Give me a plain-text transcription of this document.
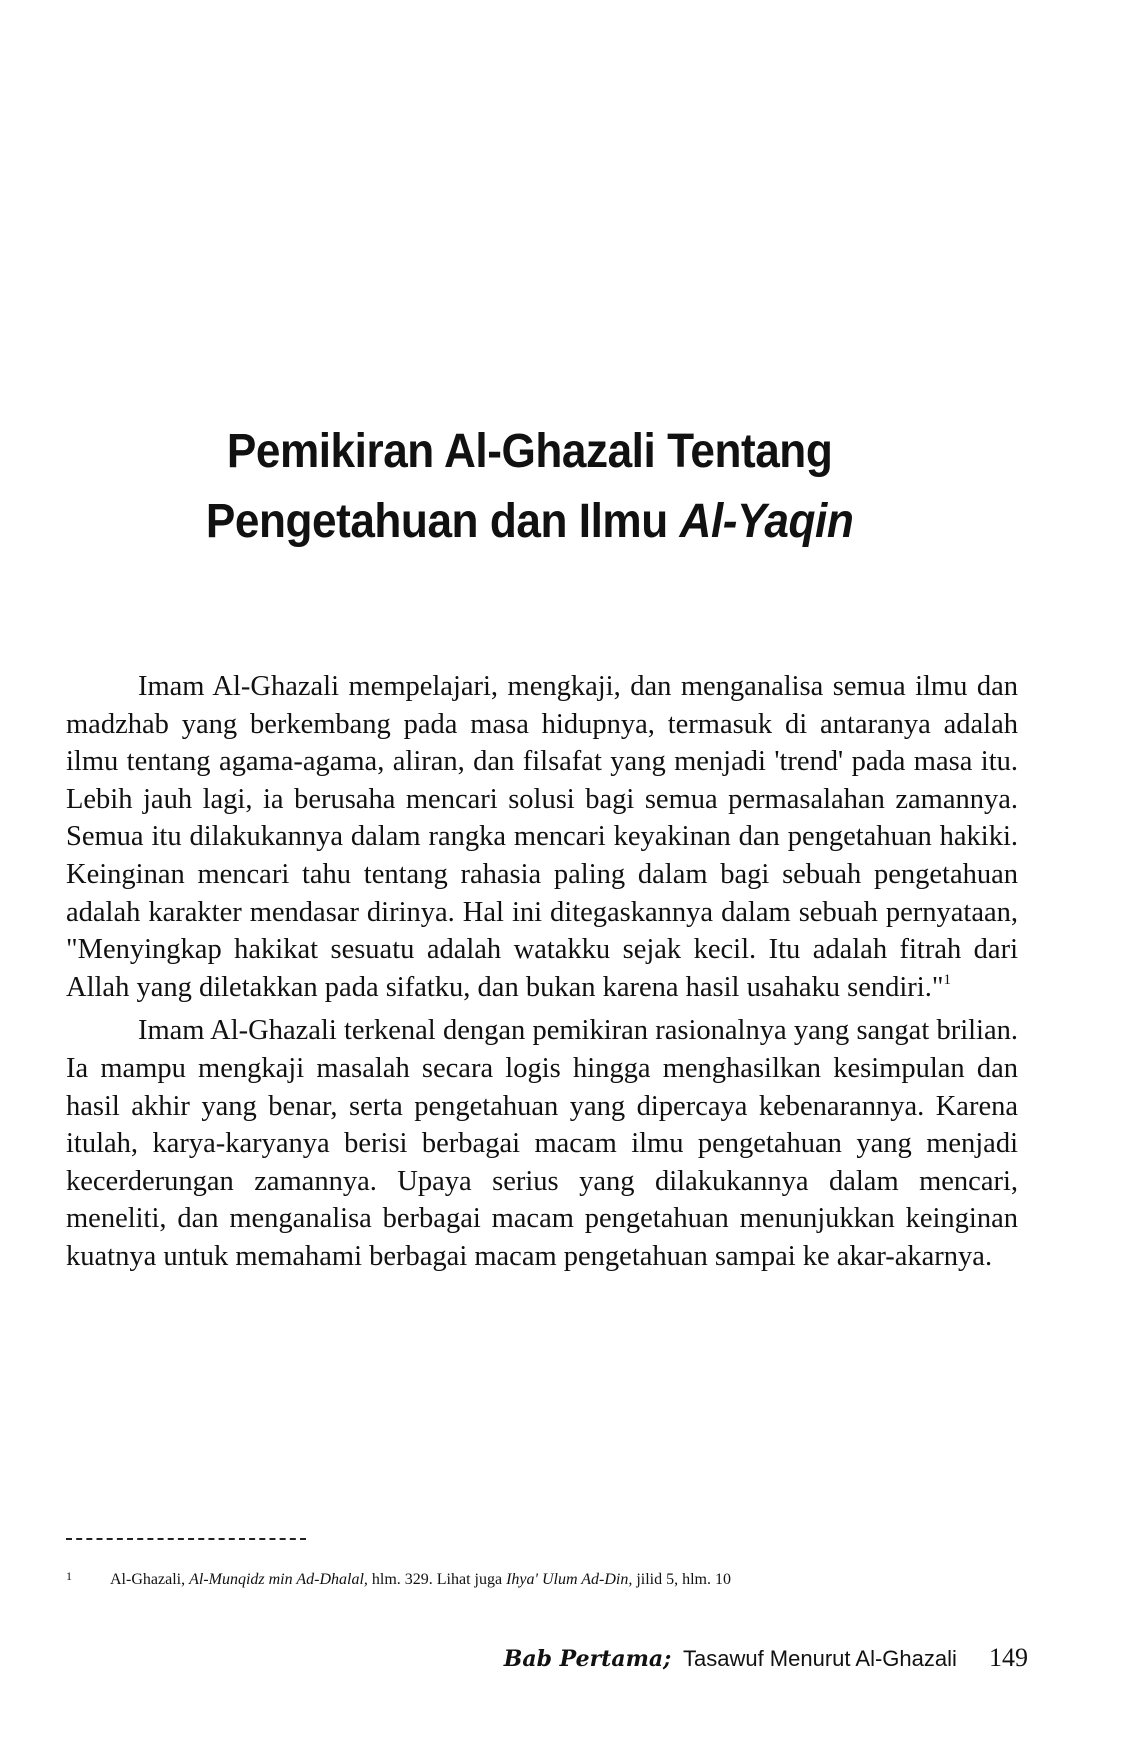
Pemikiran Al-Ghazali Tentang
Pengetahuan dan Ilmu Al-Yaqin

Imam Al-Ghazali mempelajari, mengkaji, dan menganalisa semua ilmu dan madzhab yang berkembang pada masa hidupnya, termasuk di antaranya adalah ilmu tentang agama-agama, aliran, dan filsafat yang menjadi 'trend' pada masa itu. Lebih jauh lagi, ia berusaha mencari solusi bagi semua permasalahan zamannya. Semua itu dilakukannya dalam rangka mencari keyakinan dan pengetahuan hakiki. Keinginan mencari tahu tentang rahasia paling dalam bagi sebuah pengetahuan adalah karakter mendasar dirinya. Hal ini ditegaskannya dalam sebuah pernyataan, "Menyingkap hakikat sesuatu adalah watakku sejak kecil. Itu adalah fitrah dari Allah yang diletakkan pada sifatku, dan bukan karena hasil usahaku sendiri."$^1$

Imam Al-Ghazali terkenal dengan pemikiran rasionalnya yang sangat brilian. Ia mampu mengkaji masalah secara logis hingga menghasilkan kesimpulan dan hasil akhir yang benar, serta pengetahuan yang dipercaya kebenarannya. Karena itulah, karya-karyanya berisi berbagai macam ilmu pengetahuan yang menjadi kecerderungan zamannya. Upaya serius yang dilakukannya dalam mencari, meneliti, dan menganalisa berbagai macam pengetahuan menunjukkan keinginan kuatnya untuk memahami berbagai macam pengetahuan sampai ke akar-akarnya.

1 Al-Ghazali, Al-Munqidz min Ad-Dhalal, hlm. 329. Lihat juga Ihya' Ulum Ad-Din, jilid 5, hlm. 10
Bab Pertama; Tasawuf Menurut Al-Ghazali 149
